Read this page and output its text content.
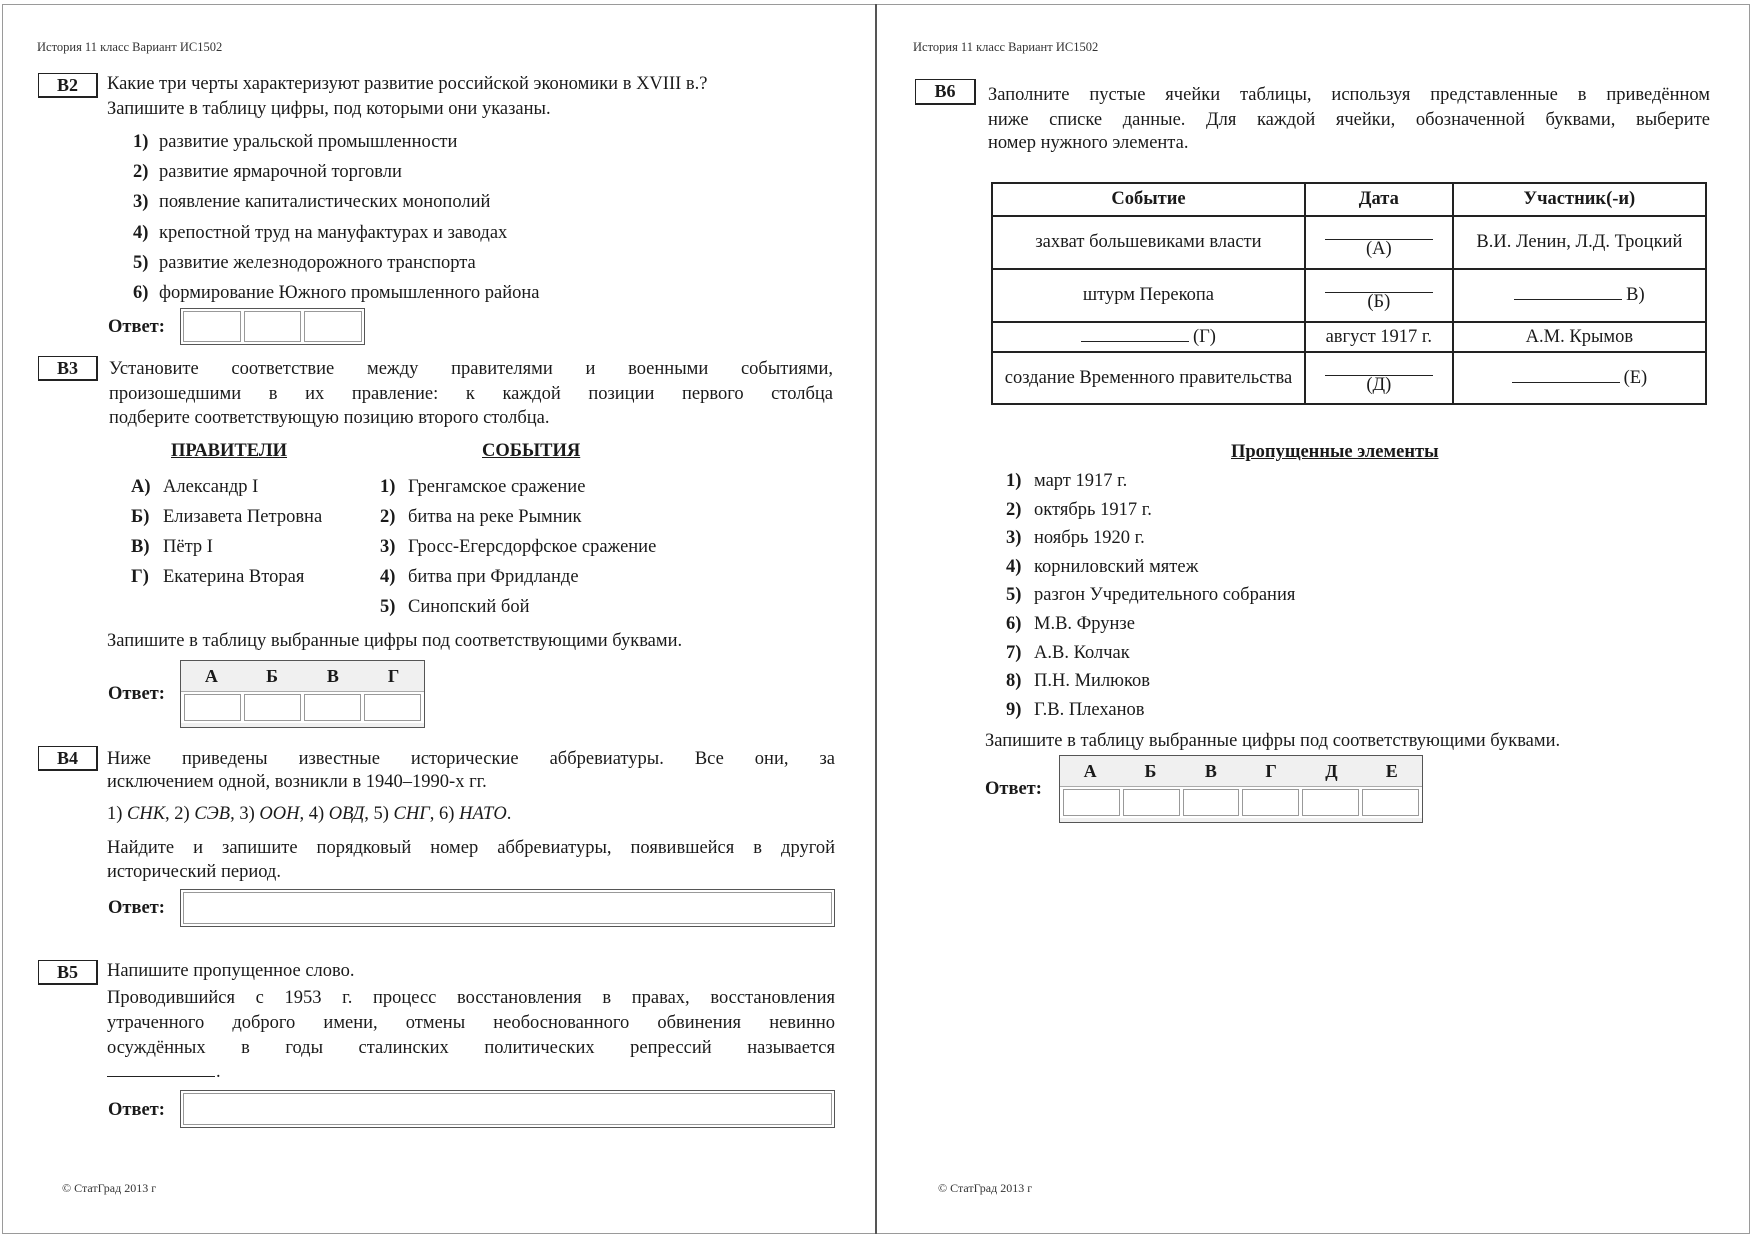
История 11 класс Вариант ИС1502
B2	Какие три черты характеризуют развитие российской экономики в XVIII в.?
Запишите в таблицу цифры, под которыми они указаны.
1) развитие уральской промышленности
2) развитие ярмарочной торговли
3) появление капиталистических монополий
4) крепостной труд на мануфактурах и заводах
5) развитие железнодорожного транспорта
6) формирование Южного промышленного района
Ответ:
B3	Установите соответствие между правителями и военными событиями,
произошедшими в их правление: к каждой позиции первого столбца
подберите соответствующую позицию второго столбца.
ПРАВИТЕЛИ	СОБЫТИЯ
А) Александр I
Б) Елизавета Петровна
В) Пётр I
Г) Екатерина Вторая
1) Гренгамское сражение
2) битва на реке Рымник
3) Гросс-Егерсдорфское сражение
4) битва при Фридланде
5) Синопский бой
Запишите в таблицу выбранные цифры под соответствующими буквами.
Ответ:
А	Б	В	Г
B4	Ниже приведены известные исторические аббревиатуры. Все они, за
исключением одной, возникли в 1940–1990-х гг.
1) СНК, 2) СЭВ, 3) ООН, 4) ОВД, 5) СНГ, 6) НАТО.
Найдите и запишите порядковый номер аббревиатуры, появившейся в другой
исторический период.
Ответ:
B5	Напишите пропущенное слово.
Проводившийся с 1953 г. процесс восстановления в правах, восстановления
утраченного доброго имени, отмены необоснованного обвинения невинно
осуждённых в годы сталинских политических репрессий называется
.
Ответ:
© СтатГрад 2013 г
История 11 класс Вариант ИС1502
B6	Заполните пустые ячейки таблицы, используя представленные в приведённом
ниже списке данные. Для каждой ячейки, обозначенной буквами, выберите
номер нужного элемента.
Событие	Дата	Участник(-и)
захват большевиками власти	(А)	В.И. Ленин, Л.Д. Троцкий
штурм Перекопа	(Б)	В)
(Г)	август 1917 г.	А.М. Крымов
создание Временного правительства	(Д)	(Е)
Пропущенные элементы
1) март 1917 г.
2) октябрь 1917 г.
3) ноябрь 1920 г.
4) корниловский мятеж
5) разгон Учредительного собрания
6) М.В. Фрунзе
7) А.В. Колчак
8) П.Н. Милюков
9) Г.В. Плеханов
Запишите в таблицу выбранные цифры под соответствующими буквами.
Ответ:
А	Б	В	Г	Д	Е
© СтатГрад 2013 г
